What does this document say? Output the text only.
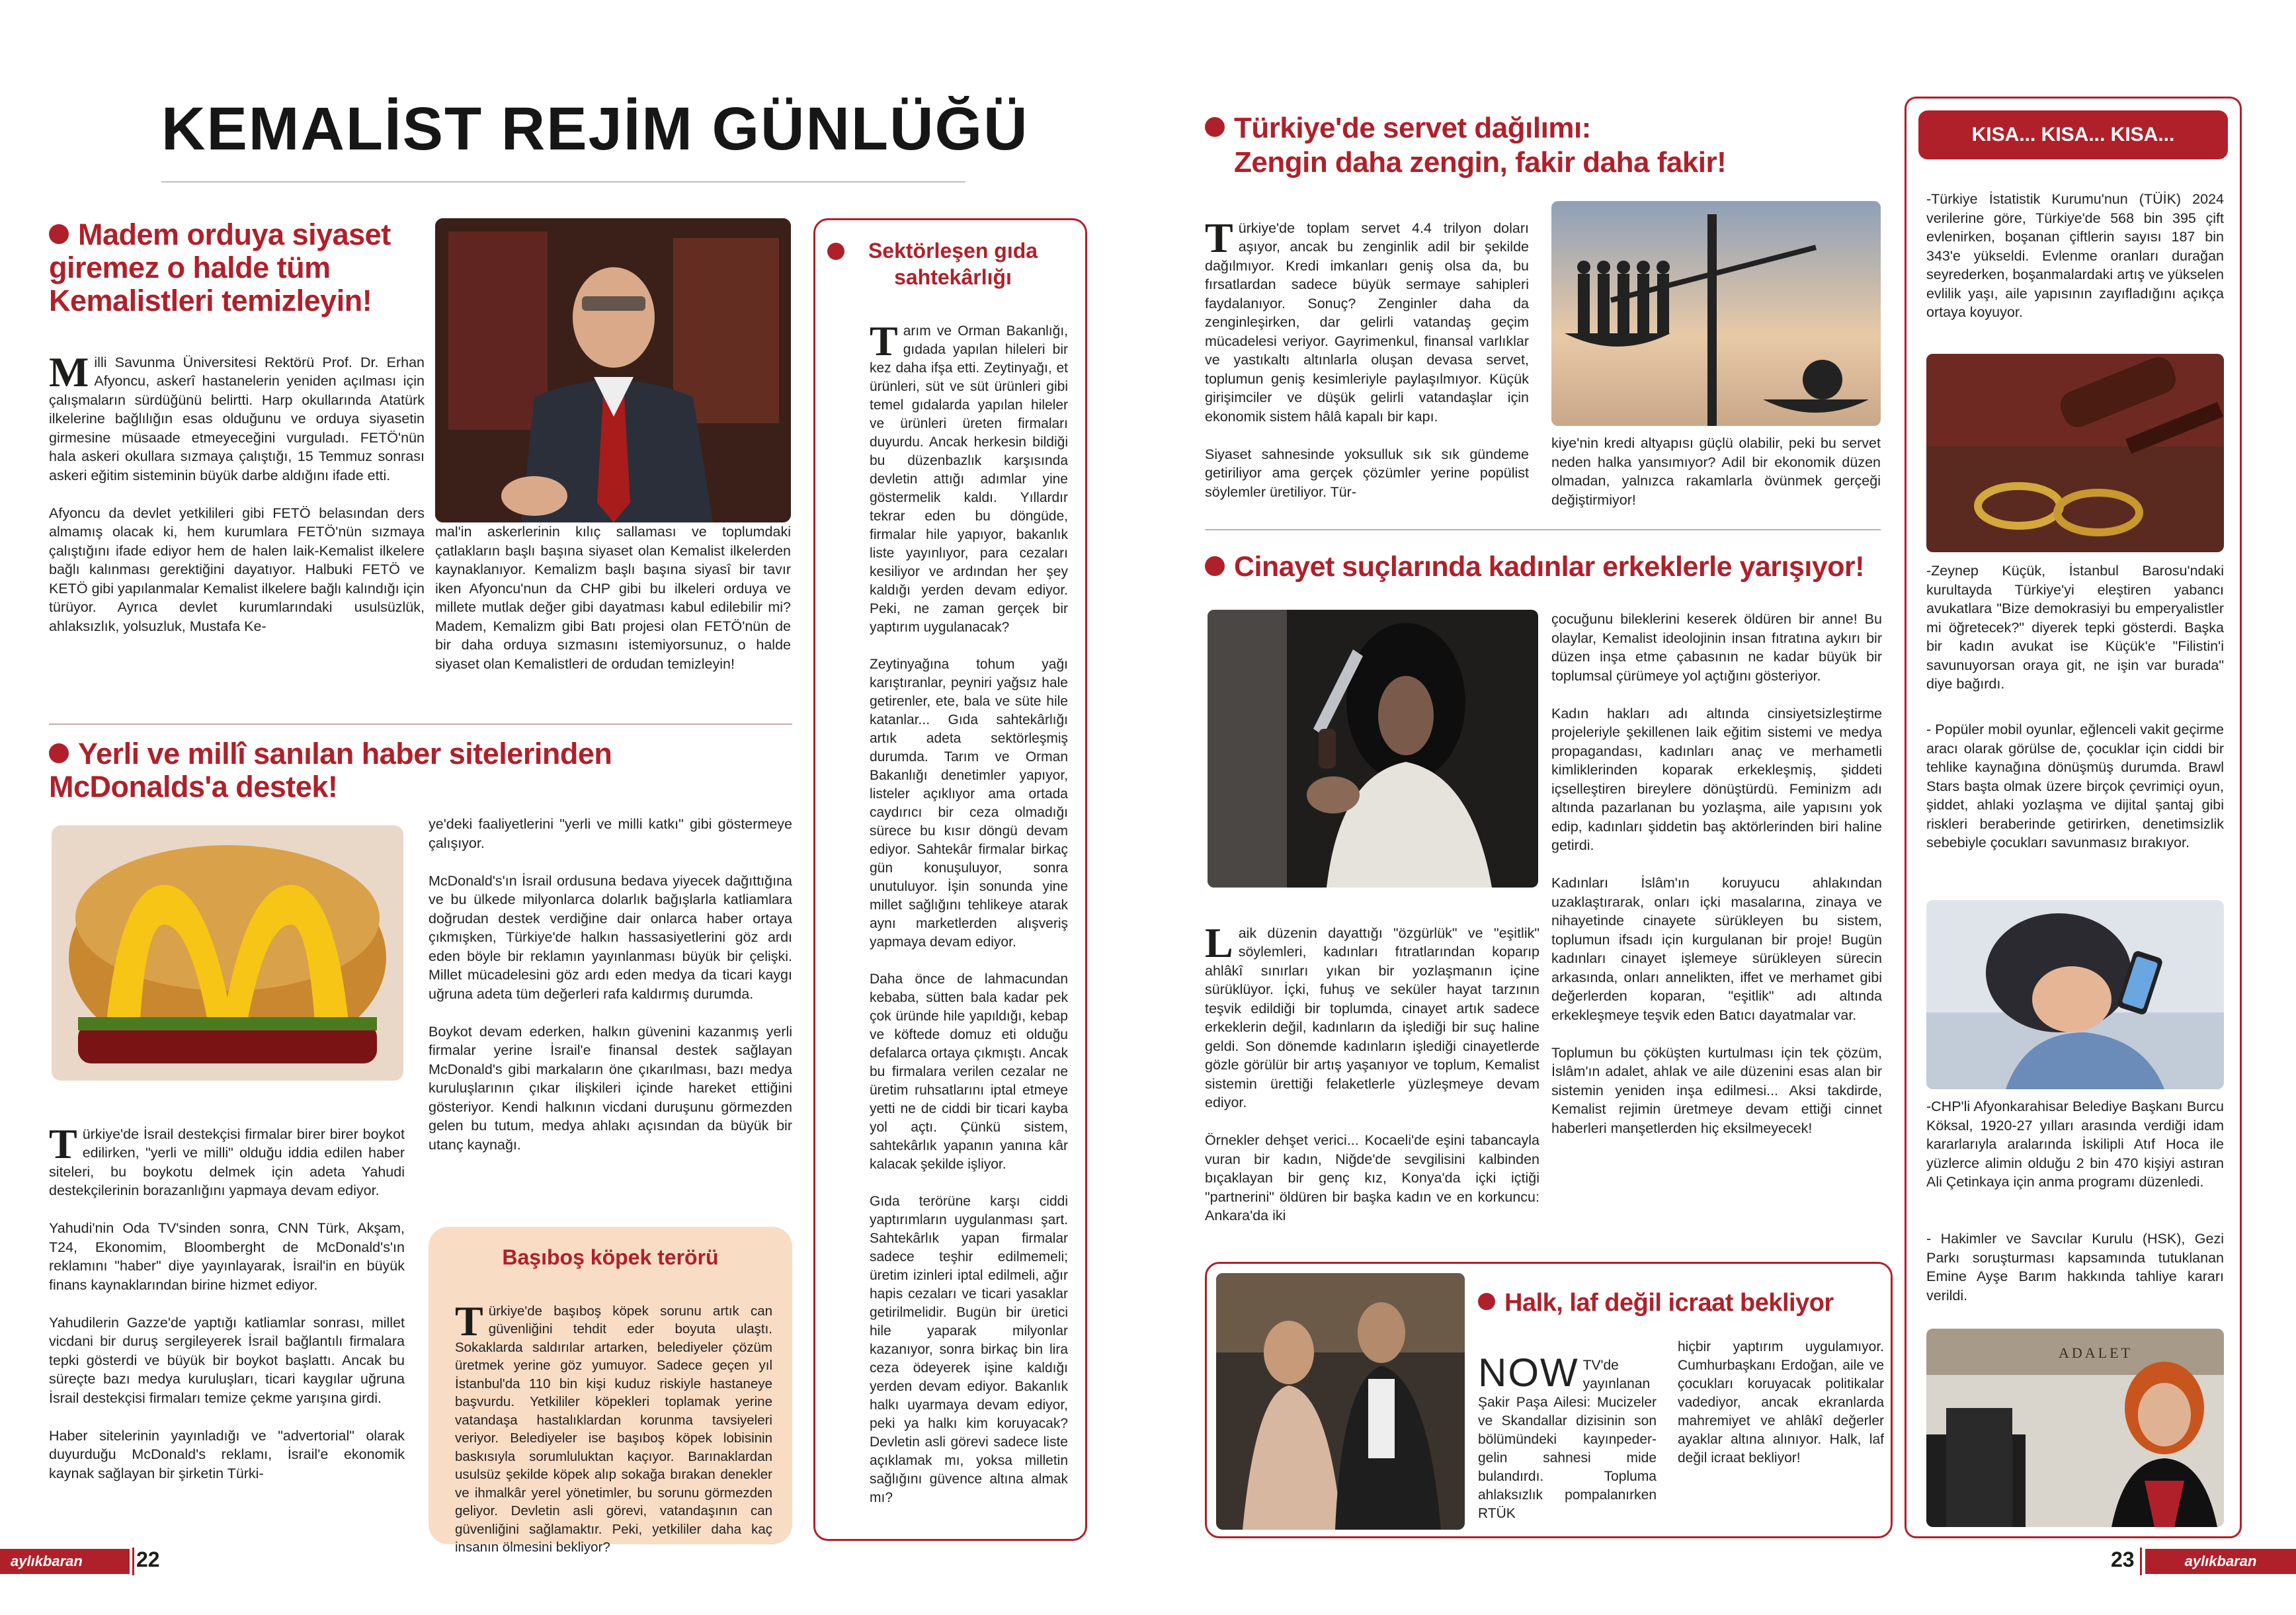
KEMALİST REJİM GÜNLÜĞÜ
Madem orduya siyaset giremez o halde tüm Kemalistleri temizleyin!

Milli Savunma Üniversitesi Rektörü Prof. Dr. Erhan Afyoncu, askerî hastanelerin yeniden açılması için çalışmaların sürdüğünü belirtti. Harp okullarında Atatürk ilkelerine bağlılığın esas olduğunu ve orduya siyasetin girmesine müsaade etmeyeceğini vurguladı. FETÖ'nün hala askeri okullara sızmaya çalıştığı, 15 Temmuz sonrası askeri eğitim sisteminin büyük darbe aldığını ifade etti.

Afyoncu da devlet yetkilileri gibi FETÖ belasından ders almamış olacak ki, hem kurumlara FETÖ'nün sızmaya çalıştığını ifade ediyor hem de halen laik-Kemalist ilkelere bağlı kalınması gerektiğini dayatıyor. Halbuki FETÖ ve KETÖ gibi yapılanmalar Kemalist ilkelere bağlı kalındığı için türüyor. Ayrıca devlet kurumlarındaki usulsüzlük, ahlaksızlık, yolsuzluk, Mustafa Ke-

mal'in askerlerinin kılıç sallaması ve toplumdaki çatlakların başlı başına siyaset olan Kemalist ilkelerden kaynaklanıyor. Kemalizm başlı başına siyasî bir tavır iken Afyoncu'nun da CHP gibi bu ilkeleri orduya ve millete mutlak değer gibi dayatması kabul edilebilir mi? Madem, Kemalizm gibi Batı projesi olan FETÖ'nün de bir daha orduya sızmasını istemiyorsunuz, o halde siyaset olan Kemalistleri de ordudan temizleyin!
Yerli ve millî sanılan haber sitelerinden McDonalds'a destek!

Türkiye'de İsrail destekçisi firmalar birer birer boykot edilirken, "yerli ve milli" olduğu iddia edilen haber siteleri, bu boykotu delmek için adeta Yahudi destekçilerinin borazanlığını yapmaya devam ediyor.

Yahudi'nin Oda TV'sinden sonra, CNN Türk, Akşam, T24, Ekonomim, Bloomberght de McDonald's'ın reklamını "haber" diye yayınlayarak, İsrail'in en büyük finans kaynaklarından birine hizmet ediyor.

Yahudilerin Gazze'de yaptığı katliamlar sonrası, millet vicdani bir duruş sergileyerek İsrail bağlantılı firmalara tepki gösterdi ve büyük bir boykot başlattı. Ancak bu süreçte bazı medya kuruluşları, ticari kaygılar uğruna İsrail destekçisi firmaları temize çekme yarışına girdi.

Haber sitelerinin yayınladığı ve "advertorial" olarak duyurduğu McDonald's reklamı, İsrail'e ekonomik kaynak sağlayan bir şirketin Türki-

ye'deki faaliyetlerini "yerli ve milli katkı" gibi göstermeye çalışıyor.

McDonald's'ın İsrail ordusuna bedava yiyecek dağıttığına ve bu ülkede milyonlarca dolarlık bağışlarla katliamlara doğrudan destek verdiğine dair onlarca haber ortaya çıkmışken, Türkiye'de halkın hassasiyetlerini göz ardı eden böyle bir reklamın yayınlanması büyük bir çelişki. Millet mücadelesini göz ardı eden medya da ticari kaygı uğruna adeta tüm değerleri rafa kaldırmış durumda.

Boykot devam ederken, halkın güvenini kazanmış yerli firmalar yerine İsrail'e finansal destek sağlayan McDonald's gibi markaların öne çıkarılması, bazı medya kuruluşlarının çıkar ilişkileri içinde hareket ettiğini gösteriyor. Kendi halkının vicdani duruşunu görmezden gelen bu tutum, medya ahlakı açısından da büyük bir utanç kaynağı.
Başıboş köpek terörü

Türkiye'de başıboş köpek sorunu artık can güvenliğini tehdit eder boyuta ulaştı. Sokaklarda saldırılar artarken, belediyeler çözüm üretmek yerine göz yumuyor. Sadece geçen yıl İstanbul'da 110 bin kişi kuduz riskiyle hastaneye başvurdu. Yetkililer köpekleri toplamak yerine vatandaşa hastalıklardan korunma tavsiyeleri veriyor. Belediyeler ise başıboş köpek lobisinin baskısıyla sorumluluktan kaçıyor. Barınaklardan usulsüz şekilde köpek alıp sokağa bırakan denekler ve ihmalkâr yerel yönetimler, bu sorunu görmezden geliyor. Devletin asli görevi, vatandaşının can güvenliğini sağlamaktır. Peki, yetkililer daha kaç insanın ölmesini bekliyor?

Sektörleşen gıda sahtekârlığı

Tarım ve Orman Bakanlığı, gıdada yapılan hileleri bir kez daha ifşa etti. Zeytinyağı, et ürünleri, süt ve süt ürünleri gibi temel gıdalarda yapılan hileler ve ürünleri üreten firmaları duyurdu. Ancak herkesin bildiği bu düzenbazlık karşısında devletin attığı adımlar yine göstermelik kaldı. Yıllardır tekrar eden bu döngüde, firmalar hile yapıyor, bakanlık liste yayınlıyor, para cezaları kesiliyor ve ardından her şey kaldığı yerden devam ediyor. Peki, ne zaman gerçek bir yaptırım uygulanacak?

Zeytinyağına tohum yağı karıştıranlar, peyniri yağsız hale getirenler, ete, bala ve süte hile katanlar... Gıda sahtekârlığı artık adeta sektörleşmiş durumda. Tarım ve Orman Bakanlığı denetimler yapıyor, listeler açıklıyor ama ortada caydırıcı bir ceza olmadığı sürece bu kısır döngü devam ediyor. Sahtekâr firmalar birkaç gün konuşuluyor, sonra unutuluyor. İşin sonunda yine millet sağlığını tehlikeye atarak aynı marketlerden alışveriş yapmaya devam ediyor.

Daha önce de lahmacundan kebaba, sütten bala kadar pek çok üründe hile yapıldığı, kebap ve köftede domuz eti olduğu defalarca ortaya çıkmıştı. Ancak bu firmalara verilen cezalar ne üretim ruhsatlarını iptal etmeye yetti ne de ciddi bir ticari kayba yol açtı. Çünkü sistem, sahtekârlık yapanın yanına kâr kalacak şekilde işliyor.

Gıda terörüne karşı ciddi yaptırımların uygulanması şart. Sahtekârlık yapan firmalar sadece teşhir edilmemeli; üretim izinleri iptal edilmeli, ağır hapis cezaları ve ticari yasaklar getirilmelidir. Bugün bir üretici hile yaparak milyonlar kazanıyor, sonra birkaç bin lira ceza ödeyerek işine kaldığı yerden devam ediyor. Bakanlık halkı uyarmaya devam ediyor, peki ya halkı kim koruyacak? Devletin asli görevi sadece liste açıklamak mı, yoksa milletin sağlığını güvence altına almak mı?

aylıkbaran	22
Türkiye'de servet dağılımı:
Zengin daha zengin, fakir daha fakir!

Türkiye'de toplam servet 4.4 trilyon doları aşıyor, ancak bu zenginlik adil bir şekilde dağılmıyor. Kredi imkanları geniş olsa da, bu fırsatlardan sadece büyük sermaye sahipleri faydalanıyor. Sonuç? Zenginler daha da zenginleşirken, dar gelirli vatandaş geçim mücadelesi veriyor. Gayrimenkul, finansal varlıklar ve yastıkaltı altınlarla oluşan devasa servet, toplumun geniş kesimleriyle paylaşılmıyor. Küçük girişimciler ve düşük gelirli vatandaşlar için ekonomik sistem hâlâ kapalı bir kapı.

Siyaset sahnesinde yoksulluk sık sık gündeme getiriliyor ama gerçek çözümler yerine popülist söylemler üretiliyor. Tür-

kiye'nin kredi altyapısı güçlü olabilir, peki bu servet neden halka yansımıyor? Adil bir ekonomik düzen olmadan, yalnızca rakamlarla övünmek gerçeği değiştirmiyor!
Cinayet suçlarında kadınlar erkeklerle yarışıyor!

Laik düzenin dayattığı "özgürlük" ve "eşitlik" söylemleri, kadınları fıtratlarından koparıp ahlâkî sınırları yıkan bir yozlaşmanın içine sürüklüyor. İçki, fuhuş ve seküler hayat tarzının teşvik edildiği bir toplumda, cinayet artık sadece erkeklerin değil, kadınların da işlediği bir suç haline geldi. Son dönemde kadınların işlediği cinayetlerde gözle görülür bir artış yaşanıyor ve toplum, Kemalist sistemin ürettiği felaketlerle yüzleşmeye devam ediyor.

Örnekler dehşet verici... Kocaeli'de eşini tabancayla vuran bir kadın, Niğde'de sevgilisini kalbinden bıçaklayan bir genç kız, Konya'da içki içtiği "partnerini" öldüren bir başka kadın ve en korkuncu: Ankara'da iki

çocuğunu bileklerini keserek öldüren bir anne! Bu olaylar, Kemalist ideolojinin insan fıtratına aykırı bir düzen inşa etme çabasının ne kadar büyük bir toplumsal çürümeye yol açtığını gösteriyor.

Kadın hakları adı altında cinsiyetsizleştirme projeleriyle şekillenen laik eğitim sistemi ve medya propagandası, kadınları anaç ve merhametli kimliklerinden koparak erkekleşmiş, şiddeti içselleştiren bireylere dönüştürdü. Feminizm adı altında pazarlanan bu yozlaşma, aile yapısını yok edip, kadınları şiddetin baş aktörlerinden biri haline getirdi.

Kadınları İslâm'ın koruyucu ahlakından uzaklaştırarak, onları içki masalarına, zinaya ve nihayetinde cinayete sürükleyen bu sistem, toplumun ifsadı için kurgulanan bir proje! Bugün kadınları cinayet işlemeye sürükleyen sürecin arkasında, onları annelikten, iffet ve merhamet gibi değerlerden koparan, "eşitlik" adı altında erkekleşmeye teşvik eden Batıcı dayatmalar var.

Toplumun bu çöküşten kurtulması için tek çözüm, İslâm'ın adalet, ahlak ve aile düzenini esas alan bir sistemin yeniden inşa edilmesi... Aksi takdirde, Kemalist rejimin üretmeye devam ettiği cinnet haberleri manşetlerden hiç eksilmeyecek!
Halk, laf değil icraat bekliyor

NOW TV'de yayınlanan Şakir Paşa Ailesi: Mucizeler ve Skandallar dizisinin son bölümündeki kayınpeder-gelin sahnesi mide bulandırdı. Topluma ahlaksızlık pompalanırken RTÜK

hiçbir yaptırım uygulamıyor. Cumhurbaşkanı Erdoğan, aile ve çocukları koruyacak politikalar vadediyor, ancak ekranlarda mahremiyet ve ahlâkî değerler ayaklar altına alınıyor. Halk, laf değil icraat bekliyor!
KISA... KISA... KISA...
-Türkiye İstatistik Kurumu'nun (TÜİK) 2024 verilerine göre, Türkiye'de 568 bin 395 çift evlenirken, boşanan çiftlerin sayısı 187 bin 343'e yükseldi. Evlenme oranları durağan seyrederken, boşanmalardaki artış ve yükselen evlilik yaşı, aile yapısının zayıfladığını açıkça ortaya koyuyor.
-Zeynep Küçük, İstanbul Barosu'ndaki kurultayda Türkiye'yi eleştiren yabancı avukatlara "Bize demokrasiyi bu emperyalistler mi öğretecek?" diyerek tepki gösterdi. Başka bir kadın avukat ise Küçük'e "Filistin'i savunuyorsan oraya git, ne işin var burada" diye bağırdı.
- Popüler mobil oyunlar, eğlenceli vakit geçirme aracı olarak görülse de, çocuklar için ciddi bir tehlike kaynağına dönüşmüş durumda. Brawl Stars başta olmak üzere birçok çevrimiçi oyun, şiddet, ahlaki yozlaşma ve dijital şantaj gibi riskleri beraberinde getirirken, denetimsizlik sebebiyle çocukları savunmasız bırakıyor.
-CHP'li Afyonkarahisar Belediye Başkanı Burcu Köksal, 1920-27 yılları arasında verdiği idam kararlarıyla aralarında İskilipli Atıf Hoca ile yüzlerce alimin olduğu 2 bin 470 kişiyi astıran Ali Çetinkaya için anma programı düzenledi.
- Hakimler ve Savcılar Kurulu (HSK), Gezi Parkı soruşturması kapsamında tutuklanan Emine Ayşe Barım hakkında tahliye kararı verildi.
ADALET
23	aylıkbaran
